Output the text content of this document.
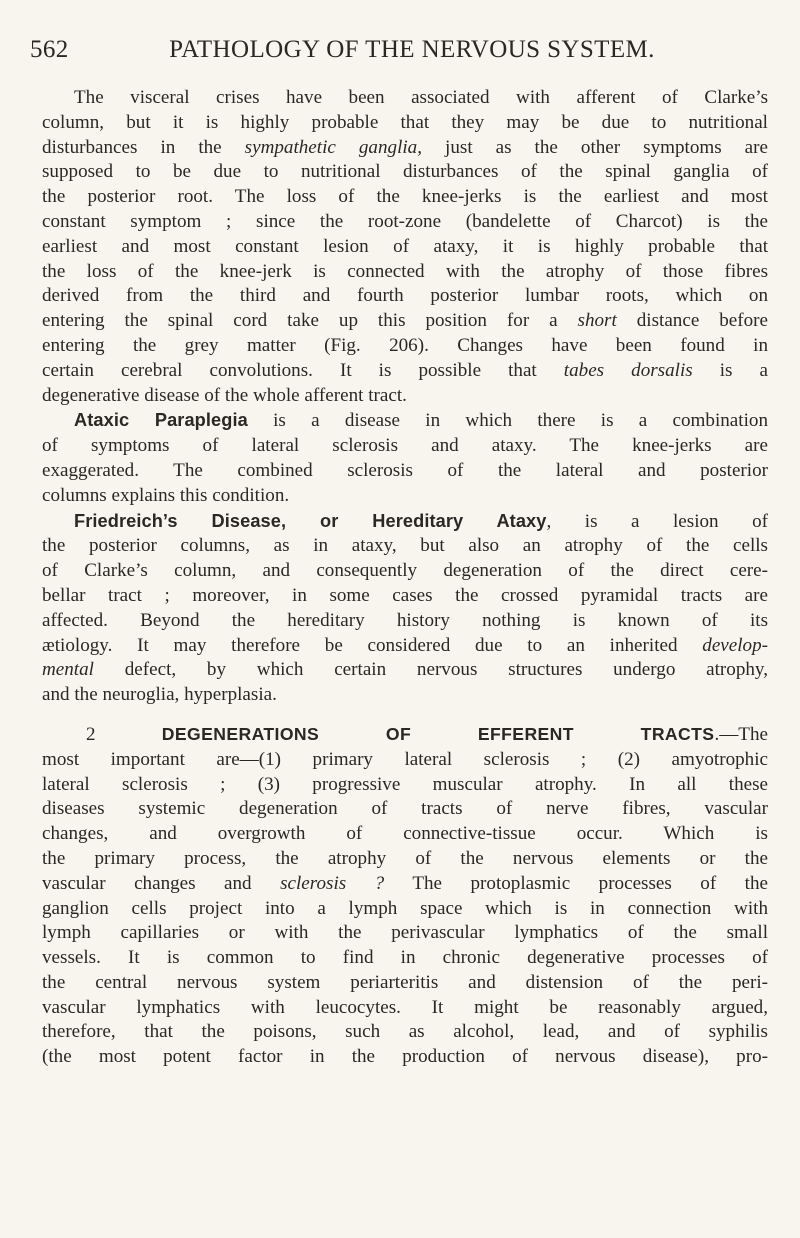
562	PATHOLOGY OF THE NERVOUS SYSTEM.
The visceral crises have been associated with afferent of Clarke’s
column, but it is highly probable that they may be due to nutritional
disturbances in the sympathetic ganglia, just as the other symptoms are
supposed to be due to nutritional disturbances of the spinal ganglia of
the posterior root. The loss of the knee-jerks is the earliest and most
constant symptom ; since the root-zone (bandelette of Charcot) is the
earliest and most constant lesion of ataxy, it is highly probable that
the loss of the knee-jerk is connected with the atrophy of those fibres
derived from the third and fourth posterior lumbar roots, which on
entering the spinal cord take up this position for a short distance before
entering the grey matter (Fig. 206). Changes have been found in
certain cerebral convolutions. It is possible that tabes dorsalis is a
degenerative disease of the whole afferent tract.
Ataxic Paraplegia is a disease in which there is a combination
of symptoms of lateral sclerosis and ataxy. The knee-jerks are
exaggerated. The combined sclerosis of the lateral and posterior
columns explains this condition.
Friedreich’s Disease, or Hereditary Ataxy, is a lesion of
the posterior columns, as in ataxy, but also an atrophy of the cells
of Clarke’s column, and consequently degeneration of the direct cere-
bellar tract ; moreover, in some cases the crossed pyramidal tracts are
affected. Beyond the hereditary history nothing is known of its
ætiology. It may therefore be considered due to an inherited develop-
mental defect, by which certain nervous structures undergo atrophy,
and the neuroglia, hyperplasia.
2	DEGENERATIONS OF EFFERENT TRACTS.—The
most important are—(1) primary lateral sclerosis ; (2) amyotrophic
lateral sclerosis ; (3) progressive muscular atrophy. In all these
diseases systemic degeneration of tracts of nerve fibres, vascular
changes, and overgrowth of connective-tissue occur. Which is
the primary process, the atrophy of the nervous elements or the
vascular changes and sclerosis ? The protoplasmic processes of the
ganglion cells project into a lymph space which is in connection with
lymph capillaries or with the perivascular lymphatics of the small
vessels. It is common to find in chronic degenerative processes of
the central nervous system periarteritis and distension of the peri-
vascular lymphatics with leucocytes. It might be reasonably argued,
therefore, that the poisons, such as alcohol, lead, and of syphilis
(the most potent factor in the production of nervous disease), pro-
